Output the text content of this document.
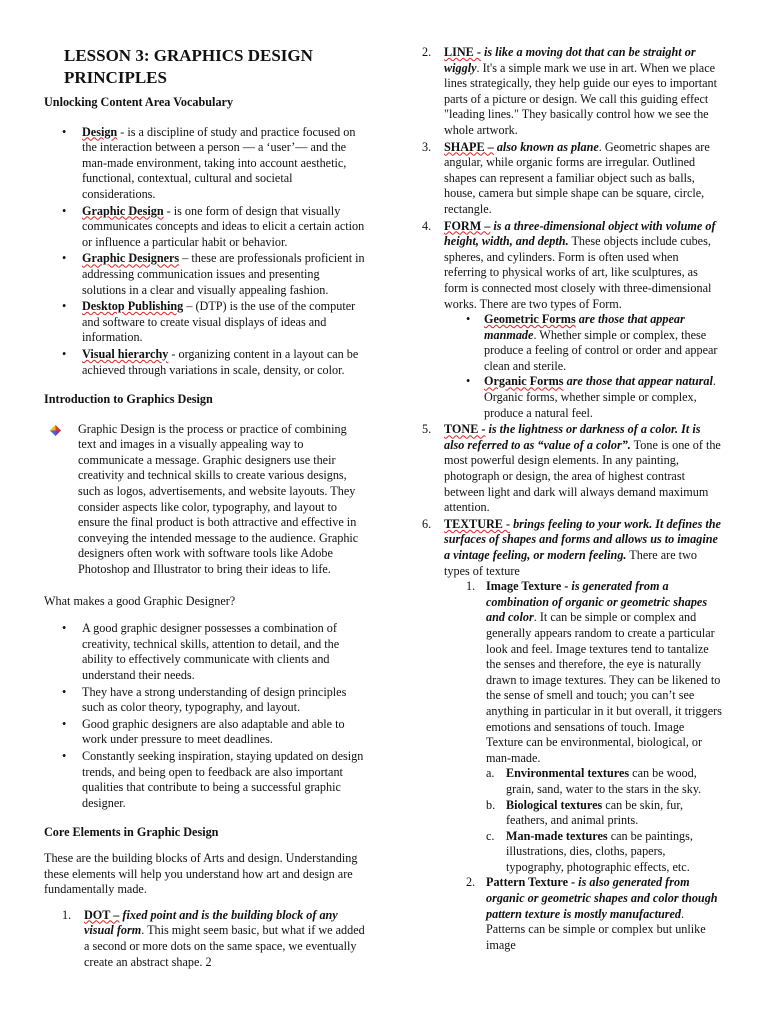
LESSON 3: GRAPHICS DESIGN PRINCIPLES
Unlocking Content Area Vocabulary
• Design - is a discipline of study and practice focused on the interaction between a person — a ‘user’— and the man-made environment, taking into account aesthetic, functional, contextual, cultural and societal considerations.
• Graphic Design - is one form of design that visually communicates concepts and ideas to elicit a certain action or influence a particular habit or behavior.
• Graphic Designers – these are professionals proficient in addressing communication issues and presenting solutions in a clear and visually appealing fashion.
• Desktop Publishing – (DTP) is the use of the computer and software to create visual displays of ideas and information.
• Visual hierarchy - organizing content in a layout can be achieved through variations in scale, density, or color.
Introduction to Graphics Design
Graphic Design is the process or practice of combining text and images in a visually appealing way to communicate a message. Graphic designers use their creativity and technical skills to create various designs, such as logos, advertisements, and website layouts. They consider aspects like color, typography, and layout to ensure the final product is both attractive and effective in conveying the intended message to the audience. Graphic designers often work with software tools like Adobe Photoshop and Illustrator to bring their ideas to life.
What makes a good Graphic Designer?
• A good graphic designer possesses a combination of creativity, technical skills, attention to detail, and the ability to effectively communicate with clients and understand their needs.
• They have a strong understanding of design principles such as color theory, typography, and layout.
• Good graphic designers are also adaptable and able to work under pressure to meet deadlines.
• Constantly seeking inspiration, staying updated on design trends, and being open to feedback are also important qualities that contribute to being a successful graphic designer.
Core Elements in Graphic Design
These are the building blocks of Arts and design. Understanding these elements will help you understand how art and design are fundamentally made.
1. DOT – fixed point and is the building block of any visual form. This might seem basic, but what if we added a second or more dots on the same space, we eventually create an abstract shape. 2
2. LINE - is like a moving dot that can be straight or wiggly. It's a simple mark we use in art. When we place lines strategically, they help guide our eyes to important parts of a picture or design. We call this guiding effect "leading lines." They basically control how we see the whole artwork.
3. SHAPE – also known as plane. Geometric shapes are angular, while organic forms are irregular. Outlined shapes can represent a familiar object such as balls, house, camera but simple shape can be square, circle, rectangle.
4. FORM – is a three-dimensional object with volume of height, width, and depth. These objects include cubes, spheres, and cylinders. Form is often used when referring to physical works of art, like sculptures, as form is connected most closely with three-dimensional works. There are two types of Form.
• Geometric Forms are those that appear manmade. Whether simple or complex, these produce a feeling of control or order and appear clean and sterile.
• Organic Forms are those that appear natural. Organic forms, whether simple or complex, produce a natural feel.
5. TONE - is the lightness or darkness of a color. It is also referred to as “value of a color”. Tone is one of the most powerful design elements. In any painting, photograph or design, the area of highest contrast between light and dark will always demand maximum attention.
6. TEXTURE - brings feeling to your work. It defines the surfaces of shapes and forms and allows us to imagine a vintage feeling, or modern feeling. There are two types of texture
1. Image Texture - is generated from a combination of organic or geometric shapes and color. It can be simple or complex and generally appears random to create a particular look and feel. Image textures tend to tantalize the senses and therefore, the eye is naturally drawn to image textures. They can be likened to the sense of smell and touch; you can’t see anything in particular in it but overall, it triggers emotions and sensations of touch. Image Texture can be environmental, biological, or man-made.
a. Environmental textures can be wood, grain, sand, water to the stars in the sky.
b. Biological textures can be skin, fur, feathers, and animal prints.
c. Man-made textures can be paintings, illustrations, dies, cloths, papers, typography, photographic effects, etc.
2. Pattern Texture - is also generated from organic or geometric shapes and color though pattern texture is mostly manufactured. Patterns can be simple or complex but unlike image
